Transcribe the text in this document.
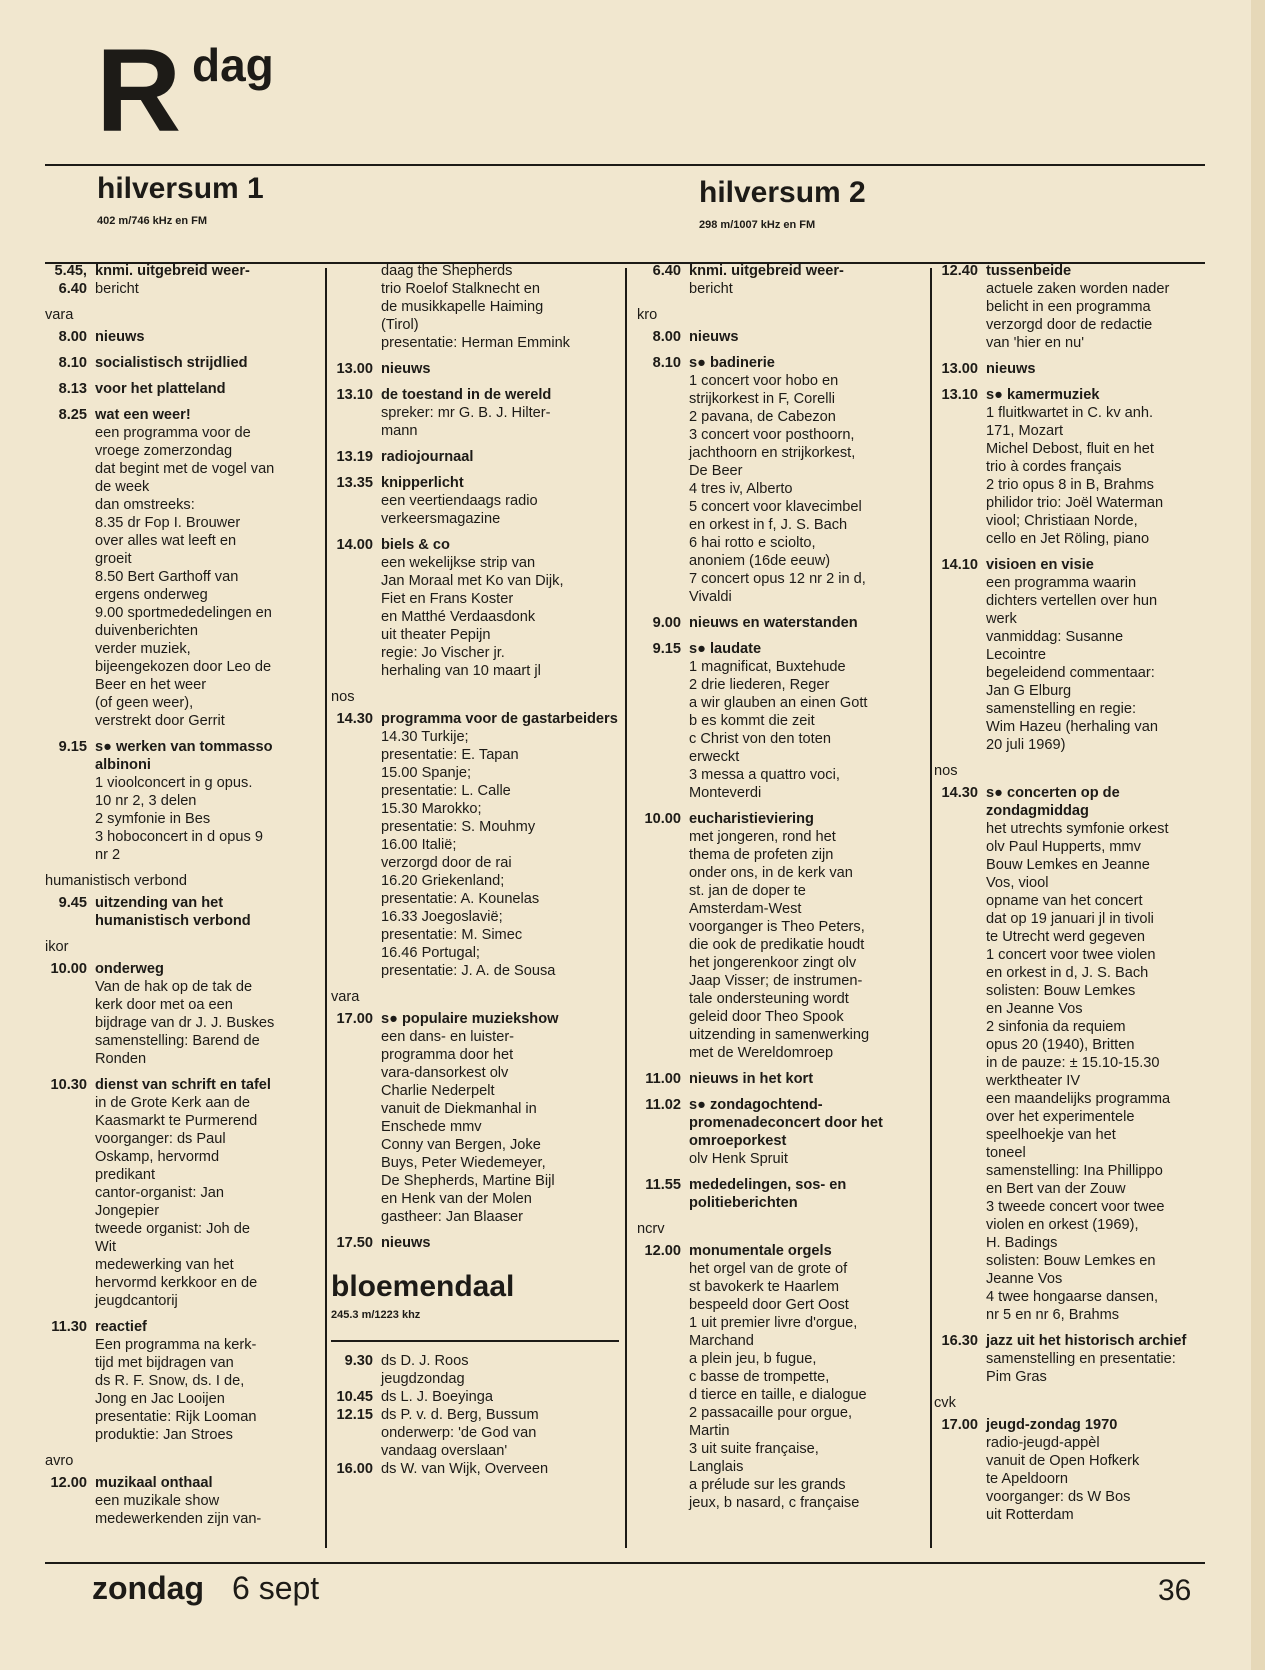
R dag
hilversum 1
402 m/746 kHz en FM
hilversum 2
298 m/1007 kHz en FM
5.45, 6.40
knmi. uitgebreid weer-
bericht
vara
8.00 nieuws
8.10 socialistisch strijdlied
8.13 voor het platteland
8.25 wat een weer!
een programma voor de
vroege zomerzondag
dat begint met de vogel van
de week
dan omstreeks:
8.35 dr Fop I. Brouwer
over alles wat leeft en
groeit
8.50 Bert Garthoff van
ergens onderweg
9.00 sportmededelingen en
duivenberichten
verder muziek,
bijeengekozen door Leo de
Beer en het weer
(of geen weer),
verstrekt door Gerrit
9.15 s● werken van tommasso albinoni
1 vioolconcert in g opus.
10 nr 2, 3 delen
2 symfonie in Bes
3 hoboconcert in d opus 9
nr 2
humanistisch verbond
9.45 uitzending van het humanistisch verbond
ikor
10.00 onderweg
Van de hak op de tak de
kerk door met oa een
bijdrage van dr J. J. Buskes
samenstelling: Barend de
Ronden
10.30 dienst van schrift en tafel
in de Grote Kerk aan de
Kaasmarkt te Purmerend
voorganger: ds Paul
Oskamp, hervormd
predikant
cantor-organist: Jan
Jongepier
tweede organist: Joh de
Wit
medewerking van het
hervormd kerkkoor en de
jeugdcantorij
11.30 reactief
Een programma na kerk-
tijd met bijdragen van
ds R. F. Snow, ds. I de,
Jong en Jac Looijen
presentatie: Rijk Looman
produktie: Jan Stroes
avro
12.00 muzikaal onthaal
een muzikale show
medewerkenden zijn van-
daag the Shepherds
trio Roelof Stalknecht en
de musikkapelle Haiming
(Tirol)
presentatie: Herman Emmink
13.00 nieuws
13.10 de toestand in de wereld
spreker: mr G. B. J. Hilter-
mann
13.19 radiojournaal
13.35 knipperlicht
een veertiendaags radio
verkeersmagazine
14.00 biels & co
een wekelijkse strip van
Jan Moraal met Ko van Dijk,
Fiet en Frans Koster
en Matthé Verdaasdonk
uit theater Pepijn
regie: Jo Vischer jr.
herhaling van 10 maart jl
nos
14.30 programma voor de gastarbeiders
14.30 Turkije;
presentatie: E. Tapan
15.00 Spanje;
presentatie: L. Calle
15.30 Marokko;
presentatie: S. Mouhmy
16.00 Italië;
verzorgd door de rai
16.20 Griekenland;
presentatie: A. Kounelas
16.33 Joegoslavië;
presentatie: M. Simec
16.46 Portugal;
presentatie: J. A. de Sousa
vara
17.00 s● populaire muziekshow
een dans- en luister-
programma door het
vara-dansorkest olv
Charlie Nederpelt
vanuit de Diekmanhal in
Enschede mmv
Conny van Bergen, Joke
Buys, Peter Wiedemeyer,
De Shepherds, Martine Bijl
en Henk van der Molen
gastheer: Jan Blaaser
17.50 nieuws
bloemendaal
245.3 m/1223 khz
9.30 ds D. J. Roos
jeugdzondag
10.45 ds L. J. Boeyinga
12.15 ds P. v. d. Berg, Bussum
onderwerp: 'de God van
vandaag overslaan'
16.00 ds W. van Wijk, Overveen
6.40 knmi. uitgebreid weer-
bericht
kro
8.00 nieuws
8.10 s● badinerie
1 concert voor hobo en
strijkorkest in F, Corelli
2 pavana, de Cabezon
3 concert voor posthoorn,
jachthoorn en strijkorkest,
De Beer
4 tres iv, Alberto
5 concert voor klavecimbel
en orkest in f, J. S. Bach
6 hai rotto e sciolto,
anoniem (16de eeuw)
7 concert opus 12 nr 2 in d,
Vivaldi
9.00 nieuws en waterstanden
9.15 s● laudate
1 magnificat, Buxtehude
2 drie liederen, Reger
a wir glauben an einen Gott
b es kommt die zeit
c Christ von den toten
erweckt
3 messa a quattro voci,
Monteverdi
10.00 eucharistieviering
met jongeren, rond het
thema de profeten zijn
onder ons, in de kerk van
st. jan de doper te
Amsterdam-West
voorganger is Theo Peters,
die ook de predikatie houdt
het jongerenkoor zingt olv
Jaap Visser; de instrumen-
tale ondersteuning wordt
geleid door Theo Spook
uitzending in samenwerking
met de Wereldomroep
11.00 nieuws in het kort
11.02 s● zondagochtend-promenadeconcert door het omroeporkest
olv Henk Spruit
11.55 mededelingen, sos- en politieberichten
ncrv
12.00 monumentale orgels
het orgel van de grote of
st bavokerk te Haarlem
bespeeld door Gert Oost
1 uit premier livre d'orgue,
Marchand
a plein jeu, b fugue,
c basse de trompette,
d tierce en taille, e dialogue
2 passacaille pour orgue,
Martin
3 uit suite française,
Langlais
a prélude sur les grands
jeux, b nasard, c française
12.40 tussenbeide
actuele zaken worden nader
belicht in een programma
verzorgd door de redactie
van 'hier en nu'
13.00 nieuws
13.10 s● kamermuziek
1 fluitkwartet in C. kv anh.
171, Mozart
Michel Debost, fluit en het
trio à cordes français
2 trio opus 8 in B, Brahms
philidor trio: Joël Waterman
viool; Christiaan Norde,
cello en Jet Röling, piano
14.10 visioen en visie
een programma waarin
dichters vertellen over hun
werk
vanmiddag: Susanne
Lecointre
begeleidend commentaar:
Jan G Elburg
samenstelling en regie:
Wim Hazeu (herhaling van
20 juli 1969)
nos
14.30 s● concerten op de zondagmiddag
het utrechts symfonie orkest
olv Paul Hupperts, mmv
Bouw Lemkes en Jeanne
Vos, viool
opname van het concert
dat op 19 januari jl in tivoli
te Utrecht werd gegeven
1 concert voor twee violen
en orkest in d, J. S. Bach
solisten: Bouw Lemkes
en Jeanne Vos
2 sinfonia da requiem
opus 20 (1940), Britten
in de pauze: ± 15.10-15.30
werktheater IV
een maandelijks programma
over het experimentele
speelhoekje van het
toneel
samenstelling: Ina Phillippo
en Bert van der Zouw
3 tweede concert voor twee
violen en orkest (1969),
H. Badings
solisten: Bouw Lemkes en
Jeanne Vos
4 twee hongaarse dansen,
nr 5 en nr 6, Brahms
16.30 jazz uit het historisch archief
samenstelling en presentatie:
Pim Gras
cvk
17.00 jeugd-zondag 1970
radio-jeugd-appèl
vanuit de Open Hofkerk
te Apeldoorn
voorganger: ds W Bos
uit Rotterdam
zondag 6 sept	36
